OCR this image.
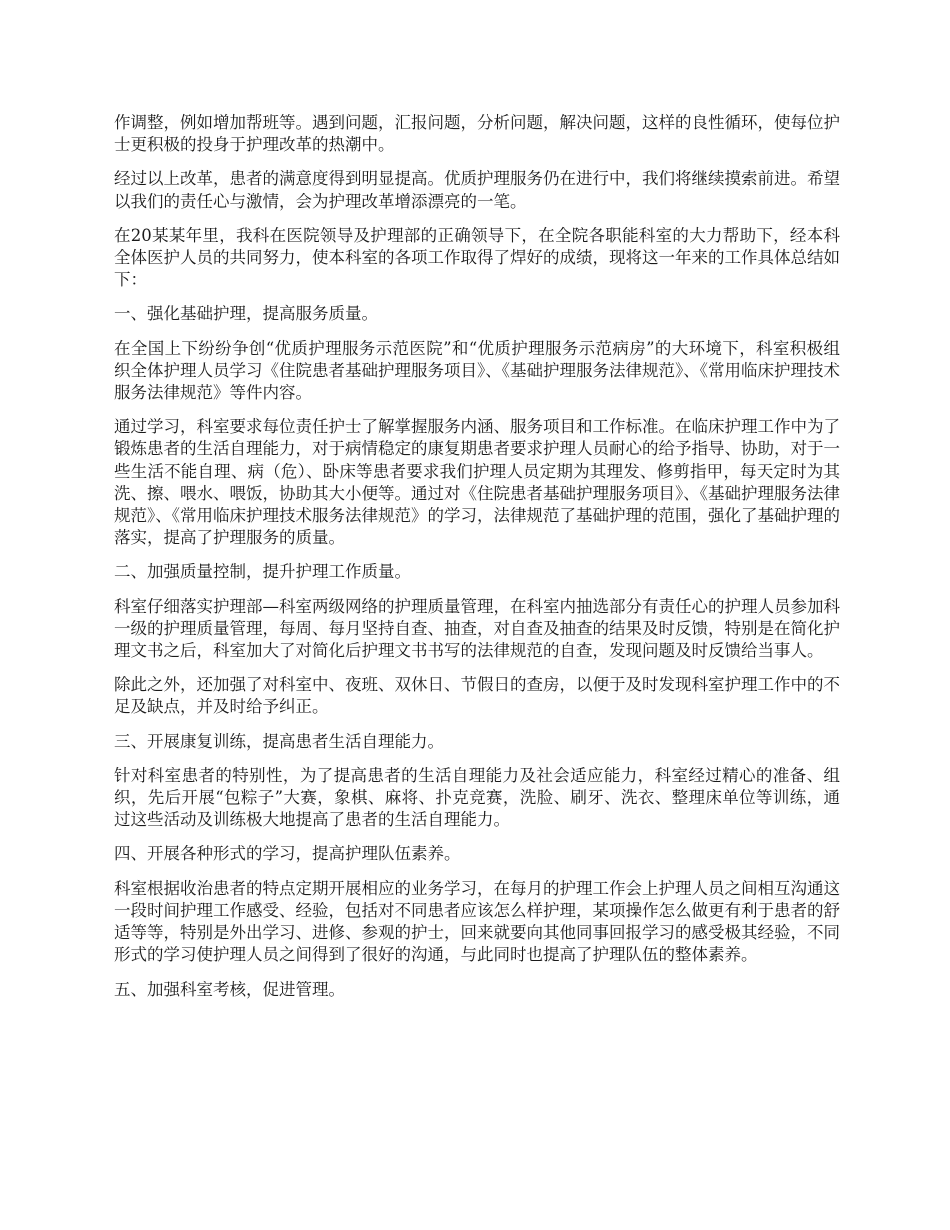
作调整，例如增加帮班等。遇到问题，汇报问题，分析问题，解决问题，这样的良性循环，使每位护士更积极的投身于护理改革的热潮中。

经过以上改革，患者的满意度得到明显提高。优质护理服务仍在进行中，我们将继续摸索前进。希望以我们的责任心与激情，会为护理改革增添漂亮的一笔。

在20某某年里，我科在医院领导及护理部的正确领导下，在全院各职能科室的大力帮助下，经本科全体医护人员的共同努力，使本科室的各项工作取得了焊好的成绩，现将这一年来的工作具体总结如下：

一、强化基础护理，提高服务质量。

在全国上下纷纷争创“优质护理服务示范医院”和“优质护理服务示范病房”的大环境下，科室积极组织全体护理人员学习《住院患者基础护理服务项目》、《基础护理服务法律规范》、《常用临床护理技术服务法律规范》等件内容。

通过学习，科室要求每位责任护士了解掌握服务内涵、服务项目和工作标准。在临床护理工作中为了锻炼患者的生活自理能力，对于病情稳定的康复期患者要求护理人员耐心的给予指导、协助，对于一些生活不能自理、病（危）、卧床等患者要求我们护理人员定期为其理发、修剪指甲，每天定时为其洗、擦、喂水、喂饭，协助其大小便等。通过对《住院患者基础护理服务项目》、《基础护理服务法律规范》、《常用临床护理技术服务法律规范》的学习，法律规范了基础护理的范围，强化了基础护理的落实，提高了护理服务的质量。

二、加强质量控制，提升护理工作质量。

科室仔细落实护理部—科室两级网络的护理质量管理，在科室内抽选部分有责任心的护理人员参加科一级的护理质量管理，每周、每月坚持自查、抽查，对自查及抽查的结果及时反馈，特别是在简化护理文书之后，科室加大了对简化后护理文书书写的法律规范的自查，发现问题及时反馈给当事人。

除此之外，还加强了对科室中、夜班、双休日、节假日的查房，以便于及时发现科室护理工作中的不足及缺点，并及时给予纠正。

三、开展康复训练，提高患者生活自理能力。

针对科室患者的特别性，为了提高患者的生活自理能力及社会适应能力，科室经过精心的准备、组织，先后开展“包粽子”大赛，象棋、麻将、扑克竞赛，洗脸、刷牙、洗衣、整理床单位等训练，通过这些活动及训练极大地提高了患者的生活自理能力。

四、开展各种形式的学习，提高护理队伍素养。

科室根据收治患者的特点定期开展相应的业务学习，在每月的护理工作会上护理人员之间相互沟通这一段时间护理工作感受、经验，包括对不同患者应该怎么样护理，某项操作怎么做更有利于患者的舒适等等，特别是外出学习、进修、参观的护士，回来就要向其他同事回报学习的感受极其经验，不同形式的学习使护理人员之间得到了很好的沟通，与此同时也提高了护理队伍的整体素养。

五、加强科室考核，促进管理。
